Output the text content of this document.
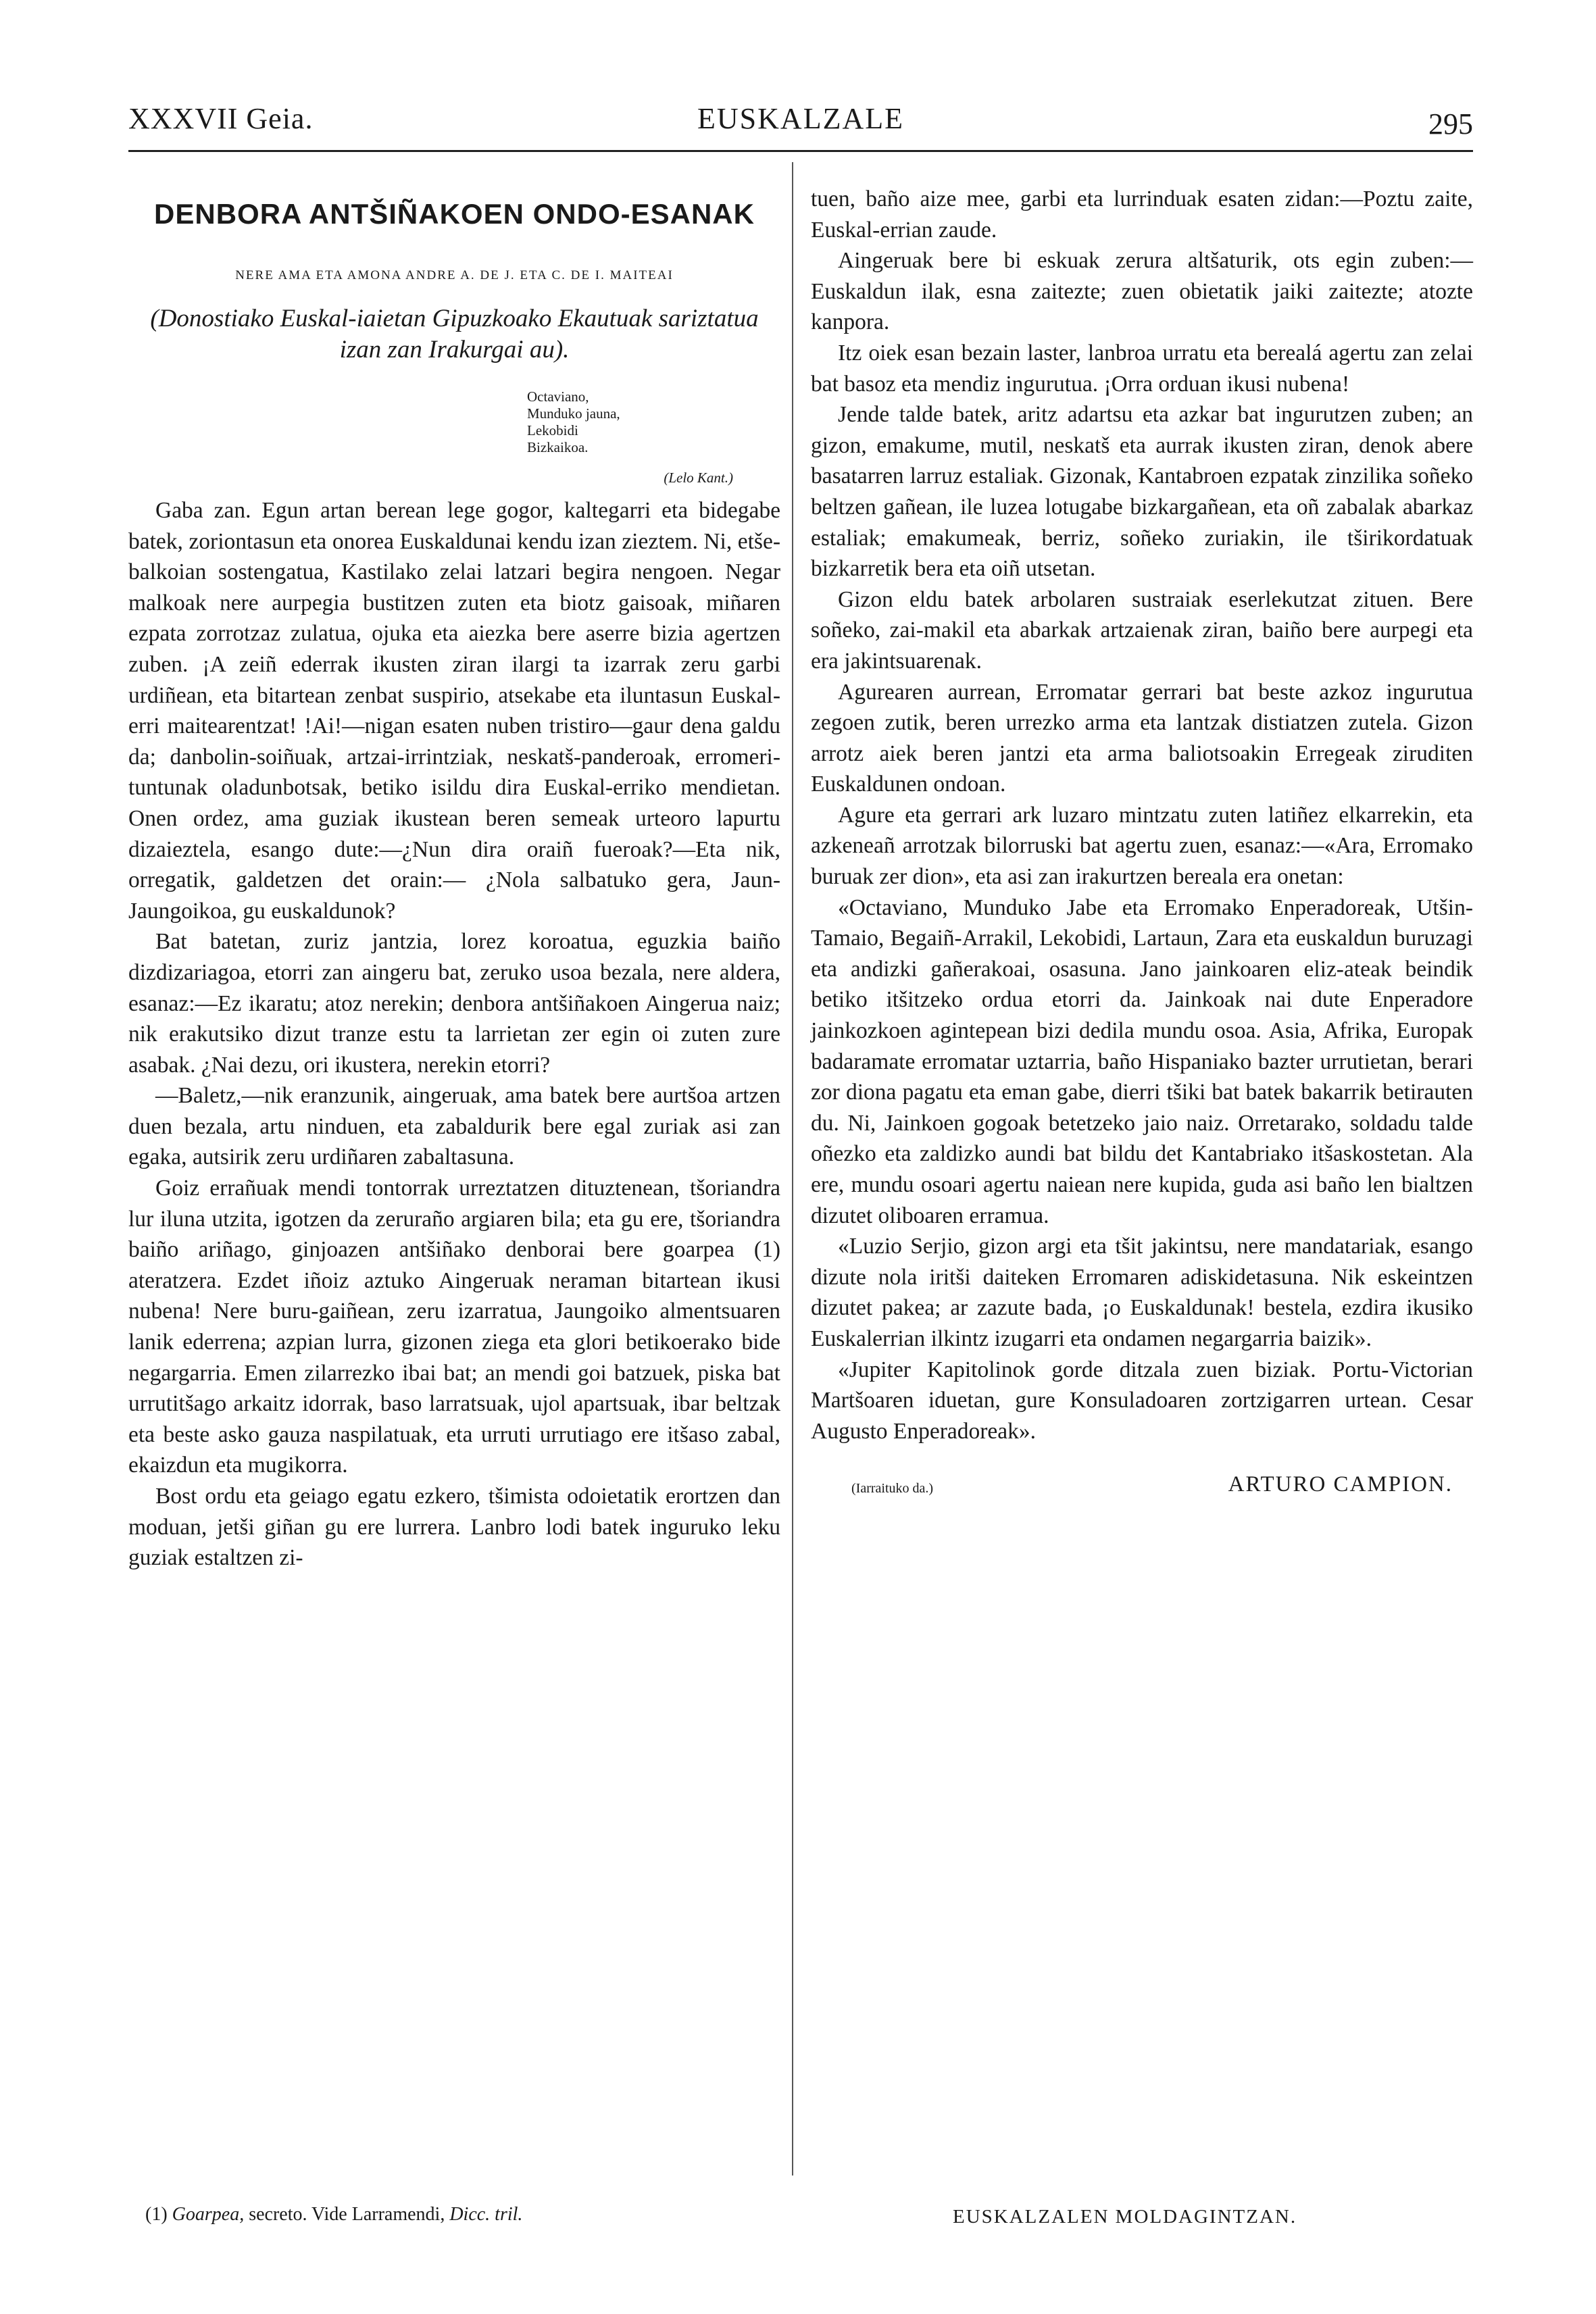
XXXVII Geia.	EUSKALZALE	295
DENBORA ANTŠIÑAKOEN ONDO-ESANAK
NERE AMA ETA AMONA ANDRE A. DE J. ETA C. DE I. MAITEAI
(Donostiako Euskal-iaietan Gipuzkoako Ekautuak sariztatua izan zan Irakurgai au).
Octaviano,
Munduko jauna,
Lekobidi
Bizkaikoa.
(Lelo Kant.)

Gaba zan. Egun artan berean lege gogor, kaltegarri eta bidegabe batek, zoriontasun eta onorea Euskaldunai kendu izan zieztem. Ni, etše-balkoian sostengatua, Kastilako zelai latzari begira nengoen. Negar malkoak nere aurpegia bustitzen zuten eta biotz gaisoak, miñaren ezpata zorrotzaz zulatua, ojuka eta aiezka bere aserre bizia agertzen zuben. ¡A zeiñ ederrak ikusten ziran ilargi ta izarrak zeru garbi urdiñean, eta bitartean zenbat suspirio, atsekabe eta iluntasun Euskal-erri maitearentzat! !Ai!—nigan esaten nuben tristiro—gaur dena galdu da; danbolin-soiñuak, artzai-irrintziak, neskatš-panderoak, erromeri-tuntunak oladunbotsak, betiko isildu dira Euskal-erriko mendietan. Onen ordez, ama guziak ikustean beren semeak urteoro lapurtu dizaieztela, esango dute:—¿Nun dira oraiñ fueroak?—Eta nik, orregatik, galdetzen det orain:— ¿Nola salbatuko gera, Jaun-Jaungoikoa, gu euskaldunok?

Bat batetan, zuriz jantzia, lorez koroatua, eguzkia baiño dizdizariagoa, etorri zan aingeru bat, zeruko usoa bezala, nere aldera, esanaz:—Ez ikaratu; atoz nerekin; denbora antšiñakoen Aingerua naiz; nik erakutsiko dizut tranze estu ta larrietan zer egin oi zuten zure asabak. ¿Nai dezu, ori ikustera, nerekin etorri?

—Baletz,—nik eranzunik, aingeruak, ama batek bere aurtšoa artzen duen bezala, artu ninduen, eta zabaldurik bere egal zuriak asi zan egaka, autsirik zeru urdiñaren zabaltasuna.

Goiz errañuak mendi tontorrak urreztatzen dituztenean, tšoriandra lur iluna utzita, igotzen da zeruraño argiaren bila; eta gu ere, tšoriandra baiño ariñago, ginjoazen antšiñako denborai bere goarpea (1) ateratzera. Ezdet iñoiz aztuko Aingeruak neraman bitartean ikusi nubena! Nere buru-gaiñean, zeru izarratua, Jaungoiko almentsuaren lanik ederrena; azpian lurra, gizonen ziega eta glori betikoerako bide negargarria. Emen zilarrezko ibai bat; an mendi goi batzuek, piska bat urrutitšago arkaitz idorrak, baso larratsuak, ujol apartsuak, ibar beltzak eta beste asko gauza naspilatuak, eta urruti urrutiago ere itšaso zabal, ekaizdun eta mugikorra.

Bost ordu eta geiago egatu ezkero, tšimista odoietatik erortzen dan moduan, jetši giñan gu ere lurrera. Lanbro lodi batek inguruko leku guziak estaltzen zi-

tuen, baño aize mee, garbi eta lurrinduak esaten zidan:—Poztu zaite, Euskal-errian zaude.

Aingeruak bere bi eskuak zerura altšaturik, ots egin zuben:—Euskaldun ilak, esna zaitezte; zuen obietatik jaiki zaitezte; atozte kanpora.

Itz oiek esan bezain laster, lanbroa urratu eta berealá agertu zan zelai bat basoz eta mendiz ingurutua. ¡Orra orduan ikusi nubena!

Jende talde batek, aritz adartsu eta azkar bat ingurutzen zuben; an gizon, emakume, mutil, neskatš eta aurrak ikusten ziran, denok abere basatarren larruz estaliak. Gizonak, Kantabroen ezpatak zinzilika soñeko beltzen gañean, ile luzea lotugabe bizkargañean, eta oñ zabalak abarkaz estaliak; emakumeak, berriz, soñeko zuriakin, ile tširikordatuak bizkarretik bera eta oiñ utsetan.

Gizon eldu batek arbolaren sustraiak eserlekutzat zituen. Bere soñeko, zai-makil eta abarkak artzaienak ziran, baiño bere aurpegi eta era jakintsuarenak.

Agurearen aurrean, Erromatar gerrari bat beste azkoz ingurutua zegoen zutik, beren urrezko arma eta lantzak distiatzen zutela. Gizon arrotz aiek beren jantzi eta arma baliotsoakin Erregeak ziruditen Euskaldunen ondoan.

Agure eta gerrari ark luzaro mintzatu zuten latiñez elkarrekin, eta azkeneañ arrotzak bilorruski bat agertu zuen, esanaz:—«Ara, Erromako buruak zer dion», eta asi zan irakurtzen bereala era onetan:

«Octaviano, Munduko Jabe eta Erromako Enperadoreak, Utšin-Tamaio, Begaiñ-Arrakil, Lekobidi, Lartaun, Zara eta euskaldun buruzagi eta andizki gañerakoai, osasuna. Jano jainkoaren eliz-ateak beindik betiko itšitzeko ordua etorri da. Jainkoak nai dute Enperadore jainkozkoen agintepean bizi dedila mundu osoa. Asia, Afrika, Europak badaramate erromatar uztarria, baño Hispaniako bazter urrutietan, berari zor diona pagatu eta eman gabe, dierri tšiki bat batek bakarrik betirauten du. Ni, Jainkoen gogoak betetzeko jaio naiz. Orretarako, soldadu talde oñezko eta zaldizko aundi bat bildu det Kantabriako itšaskostetan. Ala ere, mundu osoari agertu naiean nere kupida, guda asi baño len bialtzen dizutet oliboaren erramua.

«Luzio Serjio, gizon argi eta tšit jakintsu, nere mandatariak, esango dizute nola iritši daiteken Erromaren adiskidetasuna. Nik eskeintzen dizutet pakea; ar zazute bada, ¡o Euskaldunak! bestela, ezdira ikusiko Euskalerrian ilkintz izugarri eta ondamen negargarria baizik».

«Jupiter Kapitolinok gorde ditzala zuen biziak. Portu-Victorian Martšoaren iduetan, gure Konsuladoaren zortzigarren urtean. Cesar Augusto Enperadoreak».

(Iarraituko da.)	ARTURO CAMPION.
(1) Goarpea, secreto. Vide Larramendi, Dicc. tril.	EUSKALZALEN MOLDAGINTZAN.
